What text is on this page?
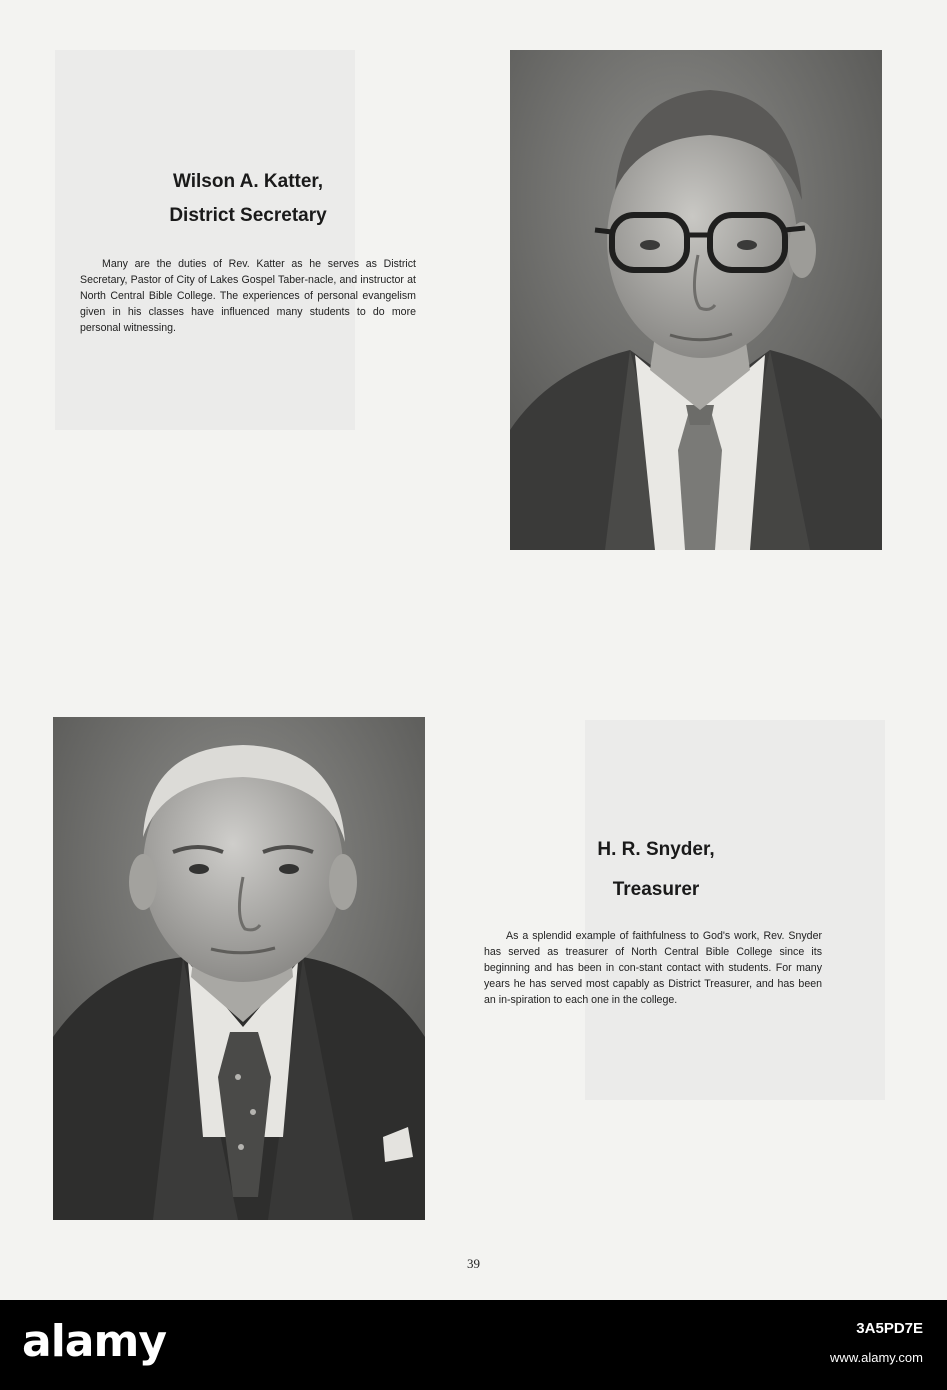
Wilson A. Katter,
District Secretary

Many are the duties of Rev. Katter as he serves as District Secretary, Pastor of City of Lakes Gospel Taber-nacle, and instructor at North Central Bible College. The experiences of personal evangelism given in his classes have influenced many students to do more personal witnessing.

H. R. Snyder,
Treasurer

As a splendid example of faithfulness to God's work, Rev. Snyder has served as treasurer of North Central Bible College since its beginning and has been in con-stant contact with students. For many years he has served most capably as District Treasurer, and has been an in-spiration to each one in the college.

39
alamy	3A5PD7E
www.alamy.com
